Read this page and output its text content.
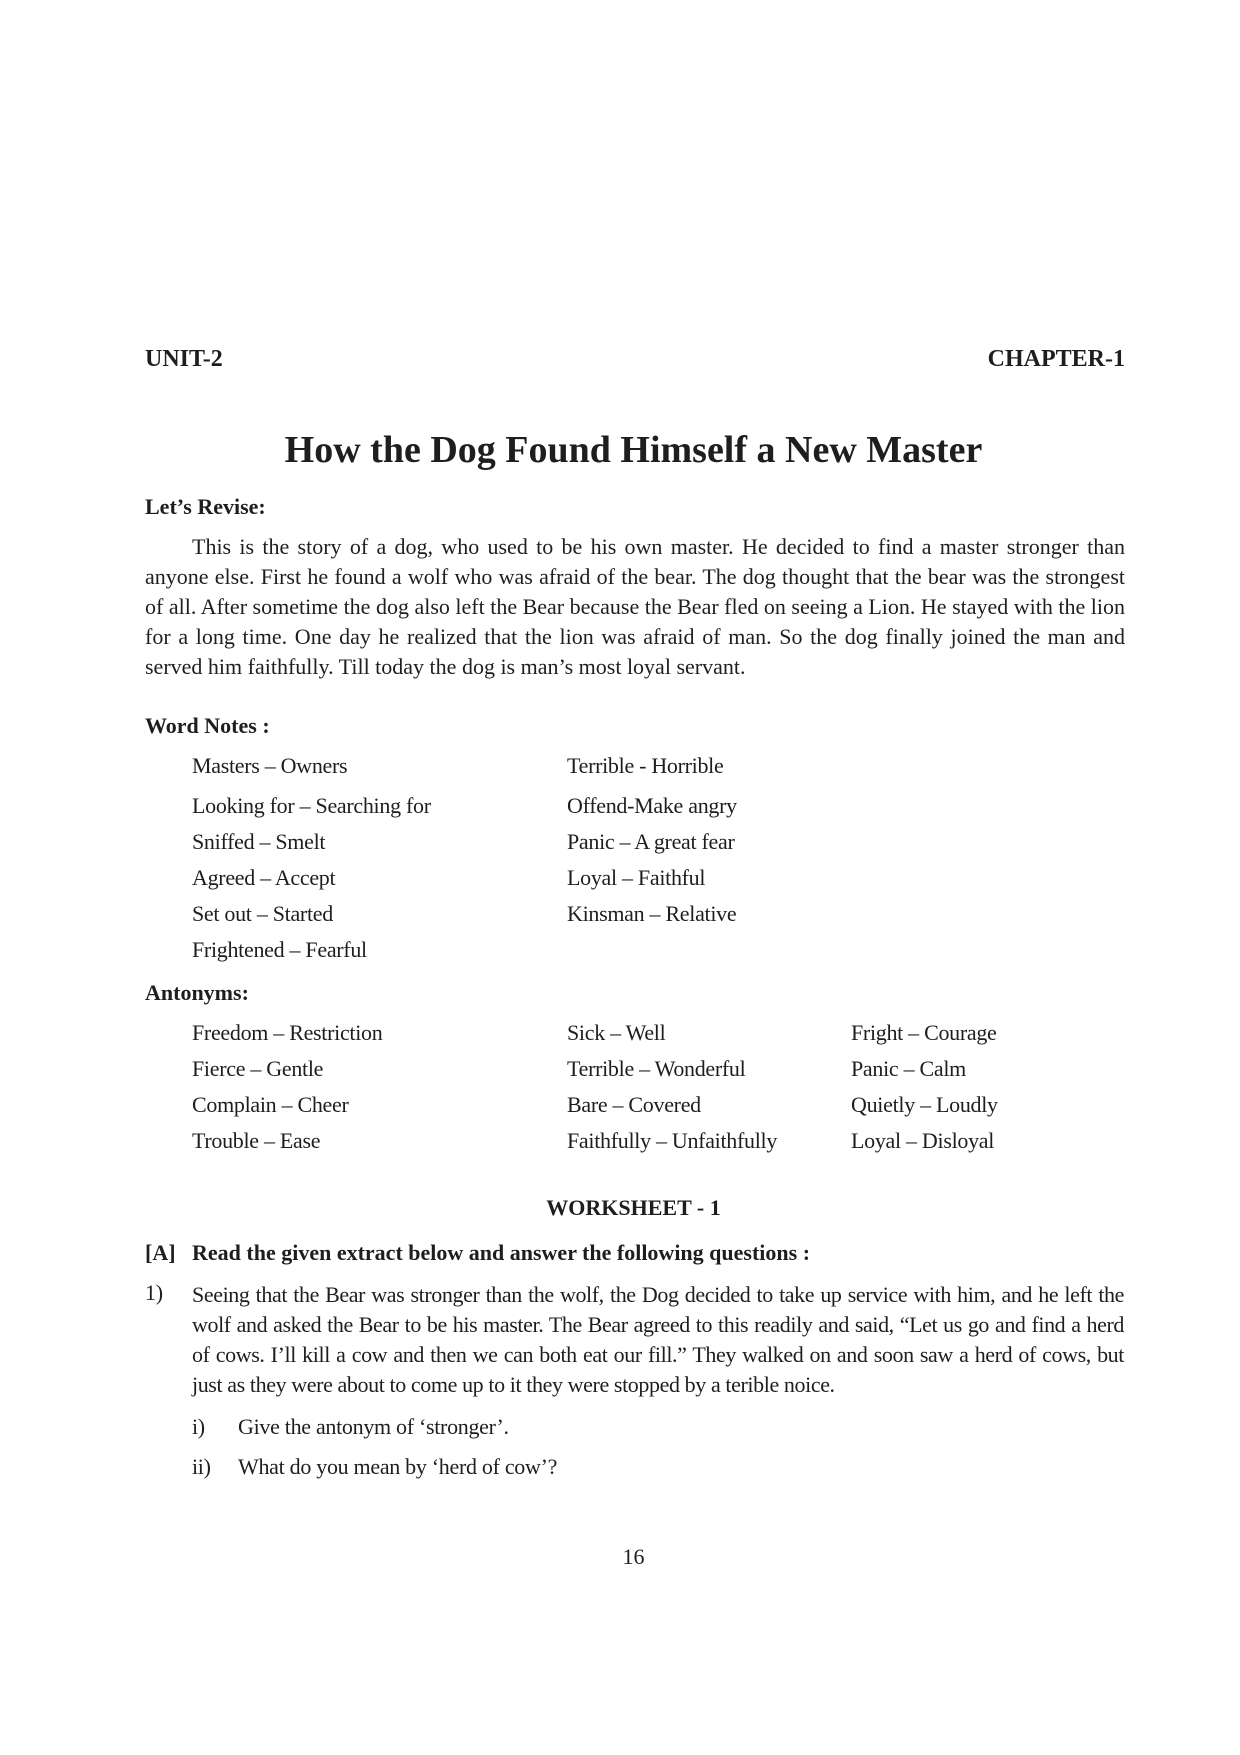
UNIT-2	CHAPTER-1
How the Dog Found Himself a New Master
Let’s Revise:
This is the story of a dog, who used to be his own master. He decided to find a master stronger than anyone else. First he found a wolf who was afraid of the bear. The dog thought that the bear was the strongest of all. After sometime the dog also left the Bear because the Bear fled on seeing a Lion. He stayed with the lion for a long time. One day he realized that the lion was afraid of man. So the dog finally joined the man and served him faithfully. Till today the dog is man’s most loyal servant.
Word Notes :
Masters – Owners
Looking for – Searching for
Sniffed – Smelt
Agreed – Accept
Set out – Started
Frightened – Fearful
Terrible - Horrible
Offend-Make angry
Panic – A great fear
Loyal – Faithful
Kinsman – Relative
Antonyms:
Freedom – Restriction
Fierce – Gentle
Complain – Cheer
Trouble – Ease
Sick – Well
Terrible – Wonderful
Bare – Covered
Faithfully – Unfaithfully
Fright – Courage
Panic – Calm
Quietly – Loudly
Loyal – Disloyal
WORKSHEET - 1
[A] Read the given extract below and answer the following questions :
1) Seeing that the Bear was stronger than the wolf, the Dog decided to take up service with him, and he left the wolf and asked the Bear to be his master. The Bear agreed to this readily and said, “Let us go and find a herd of cows. I’ll kill a cow and then we can both eat our fill.” They walked on and soon saw a herd of cows, but just as they were about to come up to it they were stopped by a terible noice.
i) Give the antonym of ‘stronger’.
ii) What do you mean by ‘herd of cow’?
16
